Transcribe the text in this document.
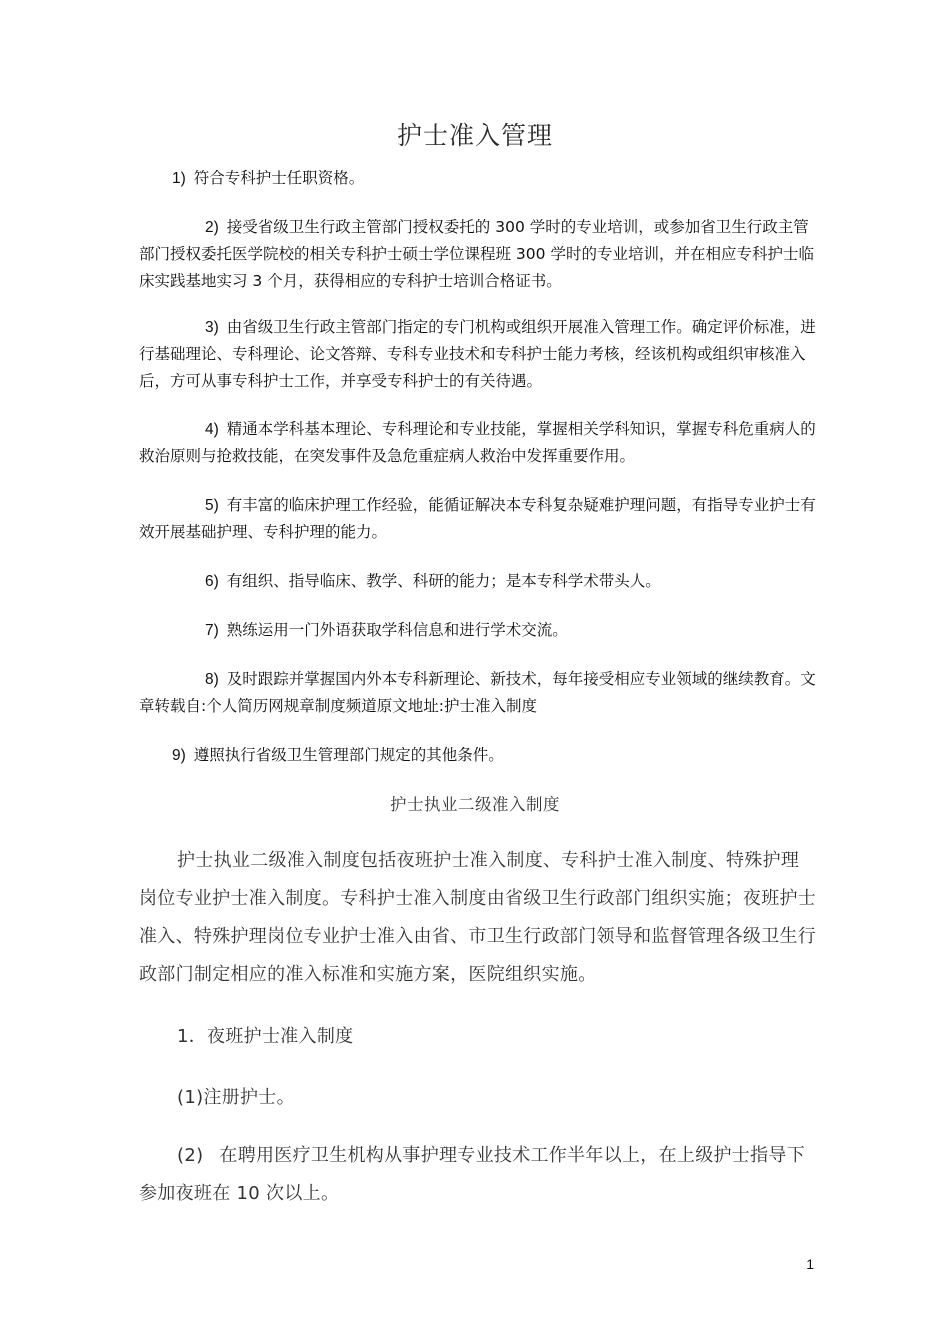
护士准入管理
1) 符合专科护士任职资格。
2) 接受省级卫生行政主管部门授权委托的 300 学时的专业培训，或参加省卫生行政主管部门授权委托医学院校的相关专科护士硕士学位课程班 300 学时的专业培训，并在相应专科护士临床实践基地实习 3 个月，获得相应的专科护士培训合格证书。
3) 由省级卫生行政主管部门指定的专门机构或组织开展准入管理工作。确定评价标准，进行基础理论、专科理论、论文答辩、专科专业技术和专科护士能力考核，经该机构或组织审核准入后，方可从事专科护士工作，并享受专科护士的有关待遇。
4) 精通本学科基本理论、专科理论和专业技能，掌握相关学科知识，掌握专科危重病人的救治原则与抢救技能，在突发事件及急危重症病人救治中发挥重要作用。
5) 有丰富的临床护理工作经验，能循证解决本专科复杂疑难护理问题，有指导专业护士有效开展基础护理、专科护理的能力。
6) 有组织、指导临床、教学、科研的能力；是本专科学术带头人。
7) 熟练运用一门外语获取学科信息和进行学术交流。
8) 及时跟踪并掌握国内外本专科新理论、新技术，每年接受相应专业领域的继续教育。文章转载自:个人简历网规章制度频道原文地址:护士准入制度
9) 遵照执行省级卫生管理部门规定的其他条件。
护士执业二级准入制度
护士执业二级准入制度包括夜班护士准入制度、专科护士准入制度、特殊护理岗位专业护士准入制度。专科护士准入制度由省级卫生行政部门组织实施；夜班护士准入、特殊护理岗位专业护士准入由省、市卫生行政部门领导和监督管理各级卫生行政部门制定相应的准入标准和实施方案，医院组织实施。
1．夜班护士准入制度
(1)注册护士。
(2) 在聘用医疗卫生机构从事护理专业技术工作半年以上，在上级护士指导下参加夜班在 10 次以上。
1
